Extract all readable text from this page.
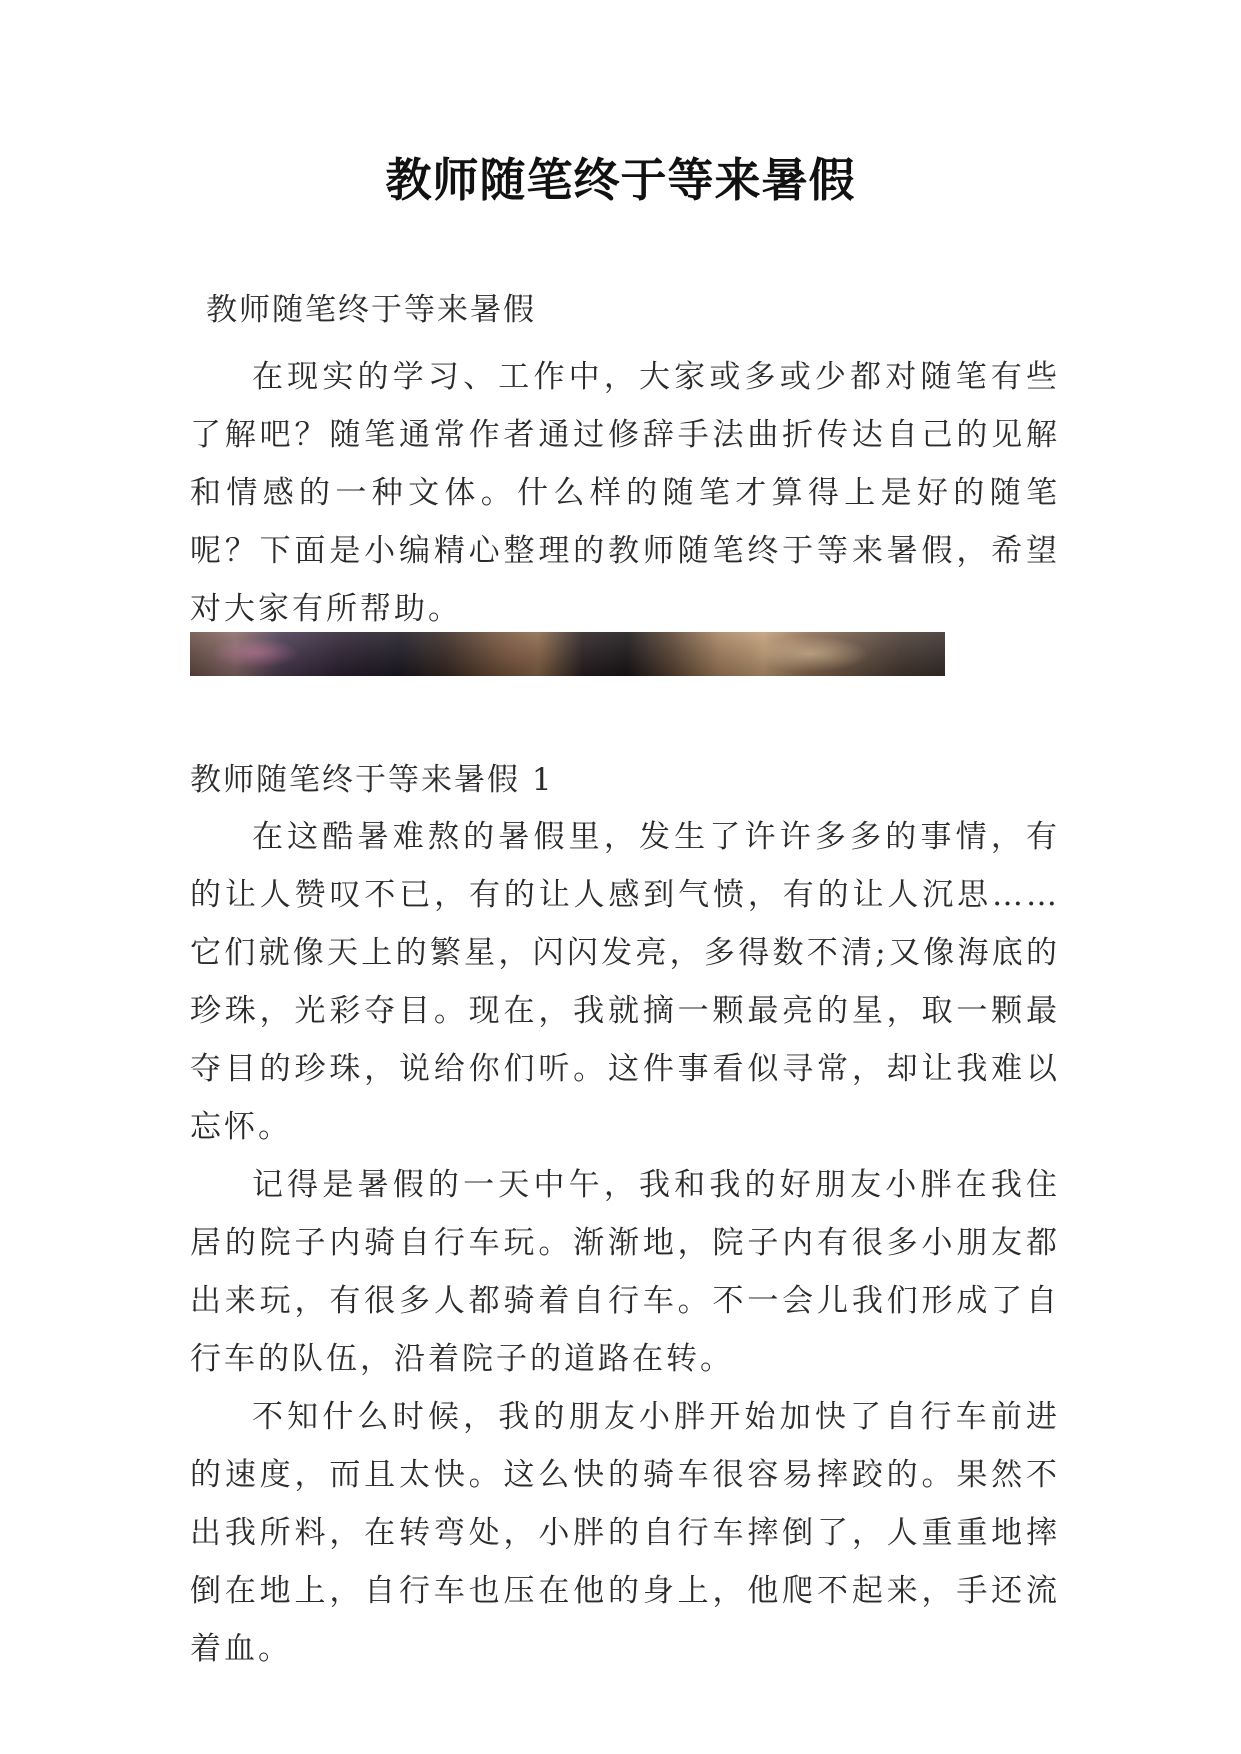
教师随笔终于等来暑假
教师随笔终于等来暑假

在现实的学习、工作中，大家或多或少都对随笔有些了解吧？随笔通常作者通过修辞手法曲折传达自己的见解和情感的一种文体。什么样的随笔才算得上是好的随笔呢？下面是小编精心整理的教师随笔终于等来暑假，希望对大家有所帮助。

教师随笔终于等来暑假 1

在这酷暑难熬的暑假里，发生了许许多多的事情，有的让人赞叹不已，有的让人感到气愤，有的让人沉思……它们就像天上的繁星，闪闪发亮，多得数不清;又像海底的珍珠，光彩夺目。现在，我就摘一颗最亮的星，取一颗最夺目的珍珠，说给你们听。这件事看似寻常，却让我难以忘怀。

记得是暑假的一天中午，我和我的好朋友小胖在我住居的院子内骑自行车玩。渐渐地，院子内有很多小朋友都出来玩，有很多人都骑着自行车。不一会儿我们形成了自行车的队伍，沿着院子的道路在转。

不知什么时候，我的朋友小胖开始加快了自行车前进的速度，而且太快。这么快的骑车很容易摔跤的。果然不出我所料，在转弯处，小胖的自行车摔倒了，人重重地摔倒在地上，自行车也压在他的身上，他爬不起来，手还流着血。
